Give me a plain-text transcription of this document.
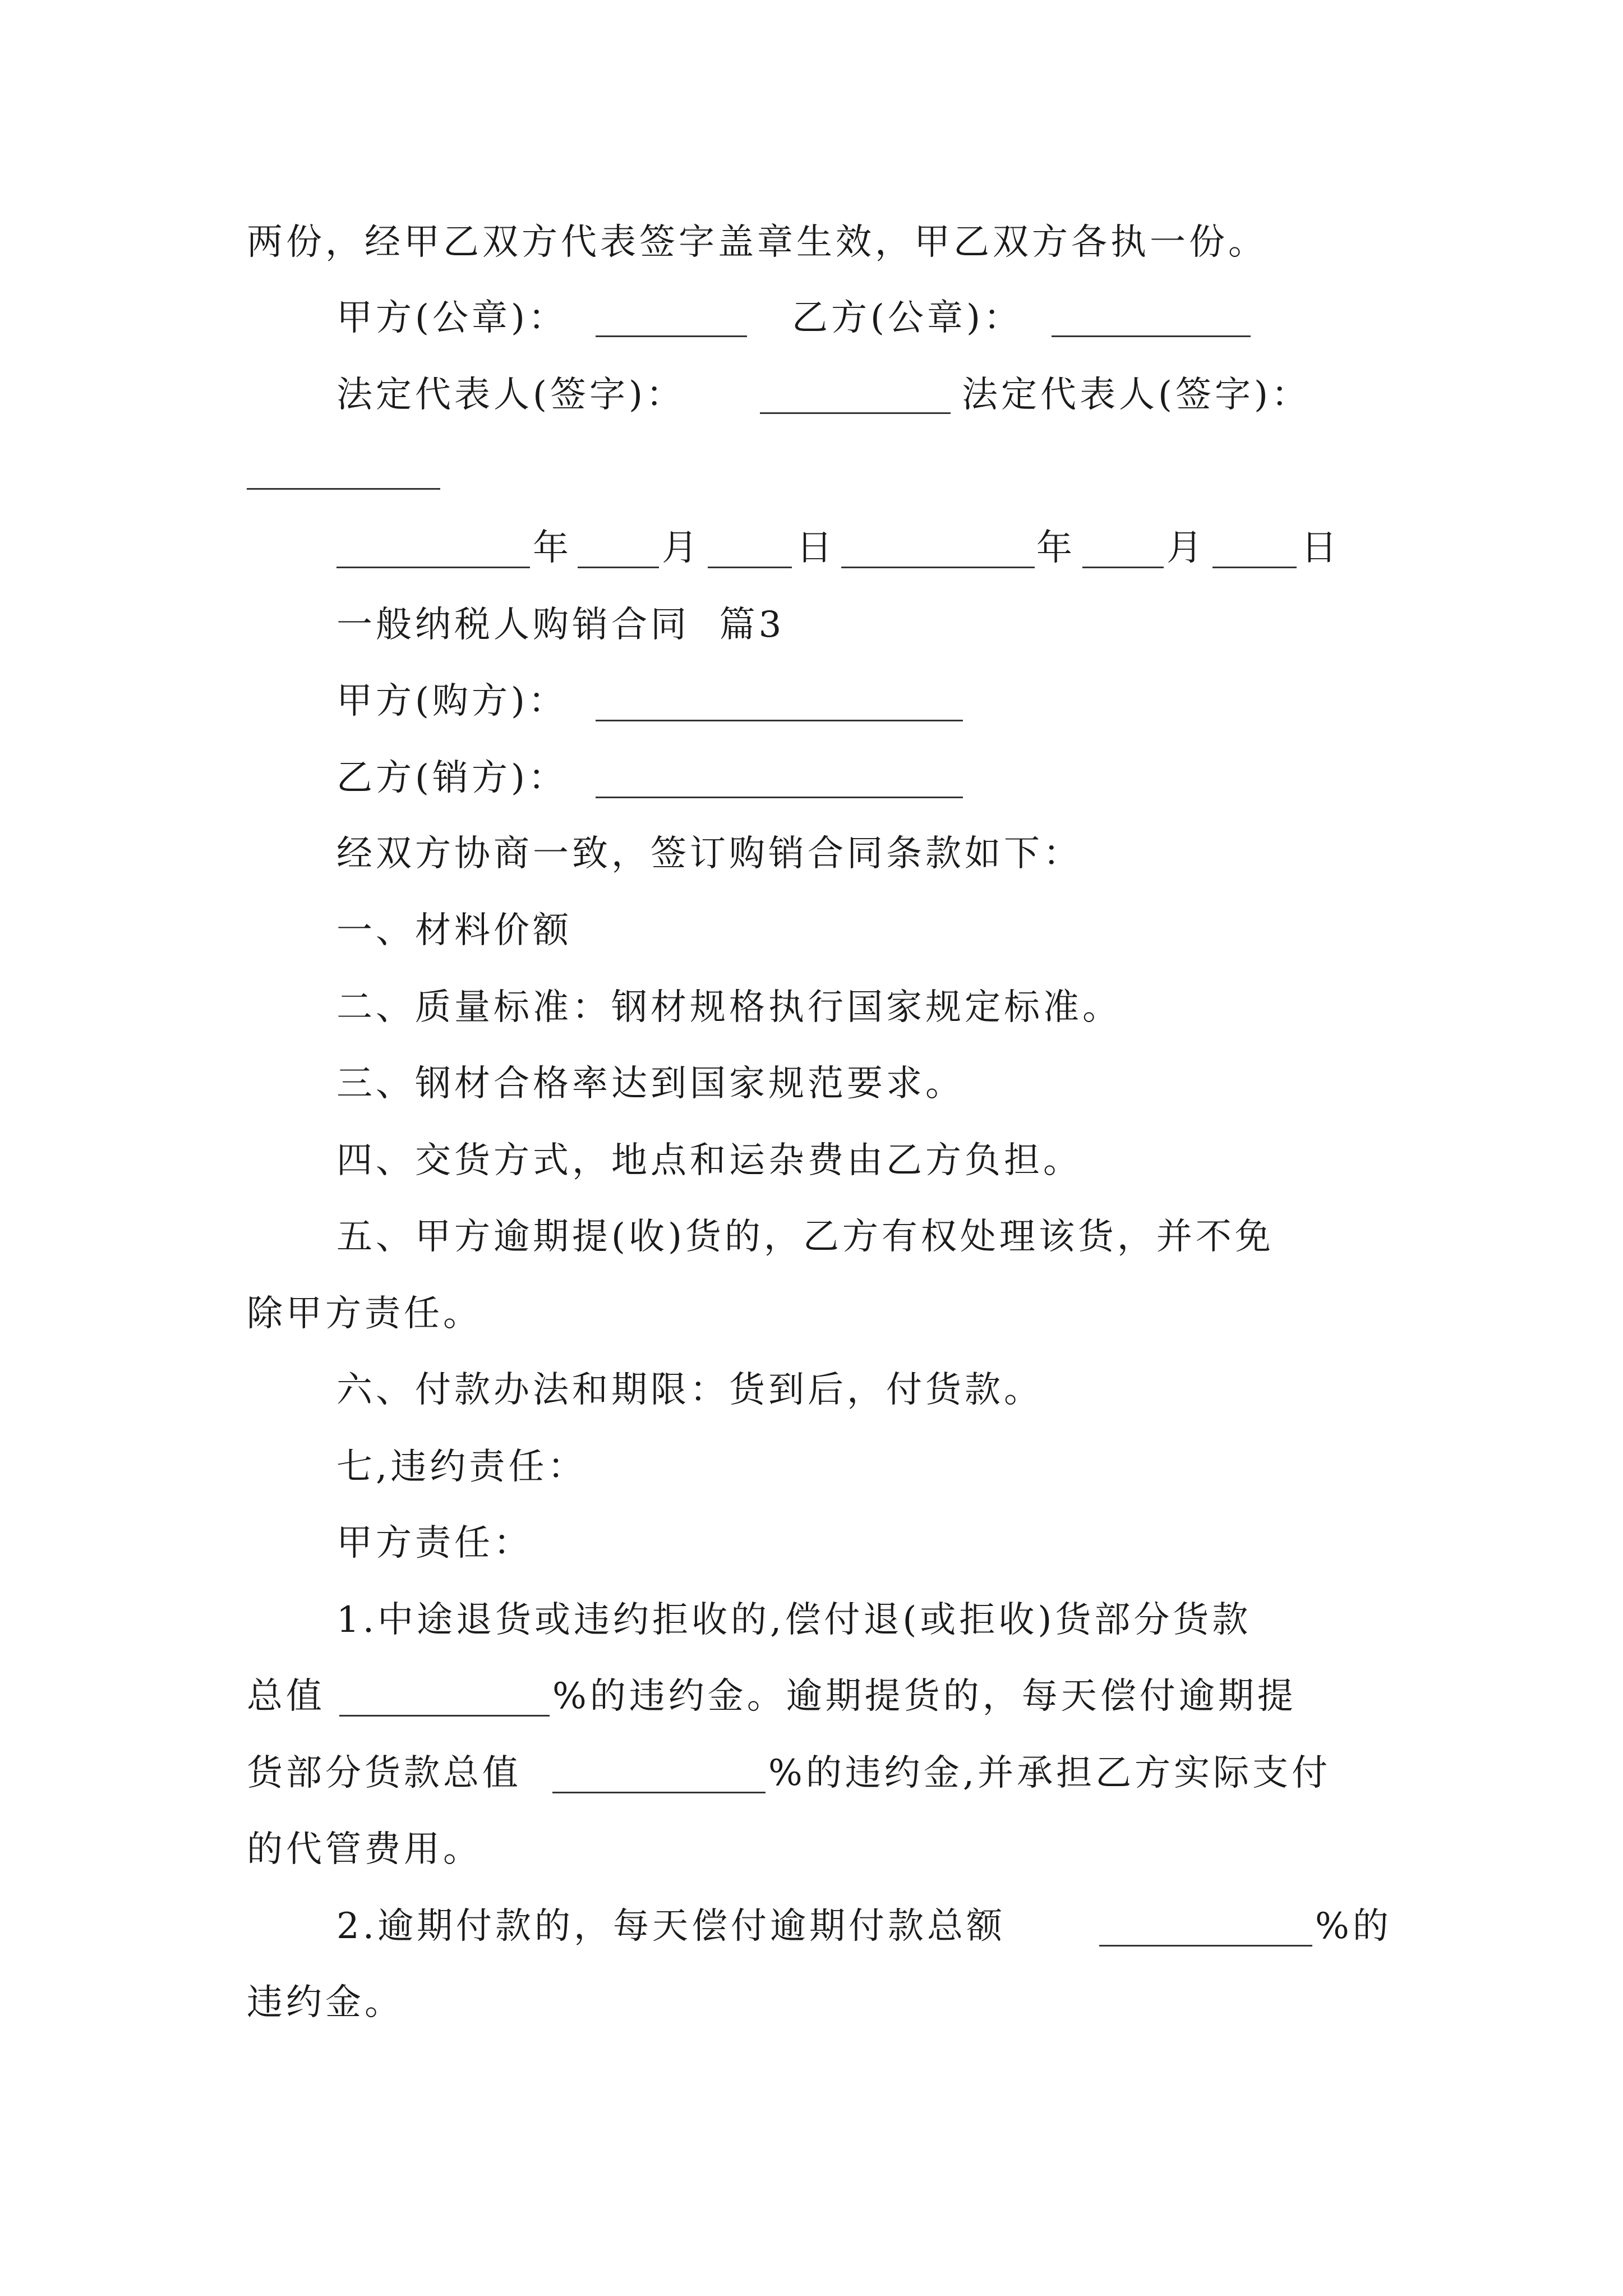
两份，经甲乙双方代表签字盖章生效，甲乙双方各执一份。

甲方(公章)：	乙方(公章)：

法定代表人(签字)：	法定代表人(签字)：

年	月	日	年	月	日

一般纳税人购销合同  篇3

甲方(购方)：

乙方(销方)：

经双方协商一致，签订购销合同条款如下：

一、材料价额

二、质量标准：钢材规格执行国家规定标准。

三、钢材合格率达到国家规范要求。

四、交货方式，地点和运杂费由乙方负担。

五、甲方逾期提(收)货的，乙方有权处理该货，并不免

除甲方责任。

六、付款办法和期限：货到后，付货款。

七,违约责任：

甲方责任：

1.中途退货或违约拒收的,偿付退(或拒收)货部分货款

总值	%的违约金。逾期提货的，每天偿付逾期提

货部分货款总值	%的违约金,并承担乙方实际支付

的代管费用。

2.逾期付款的，每天偿付逾期付款总额	%的

违约金。
